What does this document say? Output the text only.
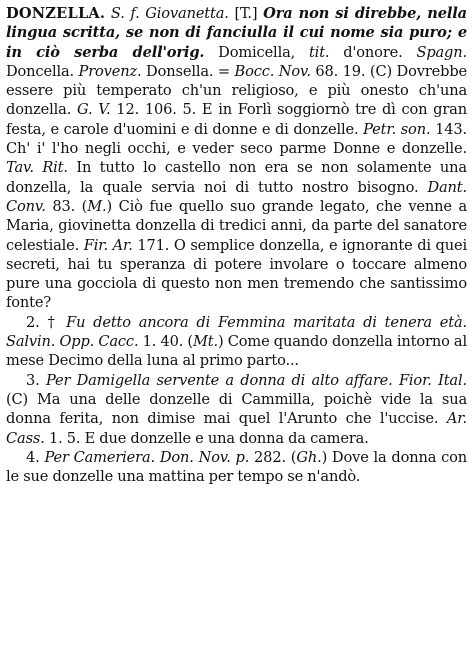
DONZELLA. S. f. Giovanetta. [T.] Ora non si direbbe, nella lingua scritta, se non di fanciulla il cui nome sia puro; e in ciò serba dell'orig. Domicella, tit. d'onore. Spagn. Doncella. Provenz. Donsella. = Bocc. Nov. 68. 19. (C) Dovrebbe essere più temperato ch'un religioso, e più onesto ch'una donzella. G. V. 12. 106. 5. E in Forlì soggiornò tre dì con gran festa, e carole d'uomini e di donne e di donzelle. Petr. son. 143. Ch' i' l'ho negli occhi, e veder seco parme Donne e donzelle. Tav. Rit. In tutto lo castello non era se non solamente una donzella, la quale servia noi di tutto nostro bisogno. Dant. Conv. 83. (M.) Ciò fue quello suo grande legato, che venne a Maria, giovinetta donzella di tredici anni, da parte del sanatore celestiale. Fir. Ar. 171. O semplice donzella, e ignorante di quei secreti, hai tu speranza di potere involare o toccare almeno pure una gocciola di questo non men tremendo che santissimo fonte?

2. † Fu detto ancora di Femmina maritata di tenera età. Salvin. Opp. Cacc. 1. 40. (Mt.) Come quando donzella intorno al mese Decimo della luna al primo parto...

3. Per Damigella servente a donna di alto affare. Fior. Ital. (C) Ma una delle donzelle di Cammilla, poichè vide la sua donna ferita, non dimise mai quel l'Arunto che l'uccise. Ar. Cass. 1. 5. E due donzelle e una donna da camera.

4. Per Cameriera. Don. Nov. p. 282. (Gh.) Dove la donna con le sue donzelle una mattina per tempo se n'andò.
